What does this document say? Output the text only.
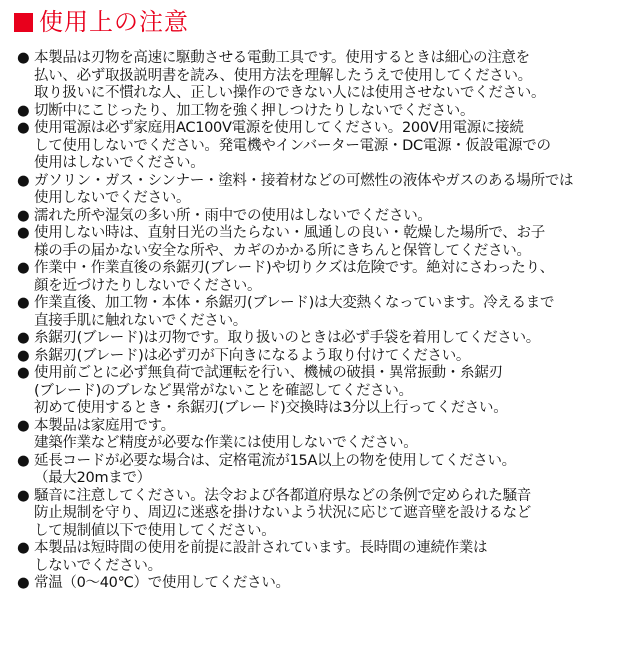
使用上の注意
● 本製品は刃物を高速に駆動させる電動工具です。使用するときは細心の注意を
払い、必ず取扱説明書を読み、使用方法を理解したうえで使用してください。
取り扱いに不慣れな人、正しい操作のできない人には使用させないでください。
● 切断中にこじったり、加工物を強く押しつけたりしないでください。
● 使用電源は必ず家庭用AC100V電源を使用してください。200V用電源に接続
して使用しないでください。発電機やインバーター電源・DC電源・仮設電源での
使用はしないでください。
● ガソリン・ガス・シンナー・塗料・接着材などの可燃性の液体やガスのある場所では
使用しないでください。
● 濡れた所や湿気の多い所・雨中での使用はしないでください。
● 使用しない時は、直射日光の当たらない・風通しの良い・乾燥した場所で、お子
様の手の届かない安全な所や、カギのかかる所にきちんと保管してください。
● 作業中・作業直後の糸鋸刃(ブレード)や切りクズは危険です。絶対にさわったり、
顔を近づけたりしないでください。
● 作業直後、加工物・本体・糸鋸刃(ブレード)は大変熱くなっています。冷えるまで
直接手肌に触れないでください。
● 糸鋸刃(ブレード)は刃物です。取り扱いのときは必ず手袋を着用してください。
● 糸鋸刃(ブレード)は必ず刃が下向きになるよう取り付けてください。
● 使用前ごとに必ず無負荷で試運転を行い、機械の破損・異常振動・糸鋸刃
(ブレード)のブレなど異常がないことを確認してください。
初めて使用するとき・糸鋸刃(ブレード)交換時は3分以上行ってください。
● 本製品は家庭用です。
建築作業など精度が必要な作業には使用しないでください。
● 延長コードが必要な場合は、定格電流が15A以上の物を使用してください。
（最大20mまで）
● 騒音に注意してください。法令および各都道府県などの条例で定められた騒音
防止規制を守り、周辺に迷惑を掛けないよう状況に応じて遮音壁を設けるなど
して規制値以下で使用してください。
● 本製品は短時間の使用を前提に設計されています。長時間の連続作業は
しないでください。
● 常温（0～40℃）で使用してください。
